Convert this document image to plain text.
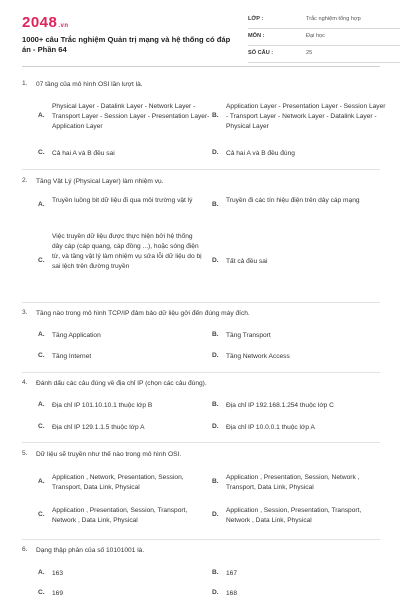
2048.vn
1000+ câu Trắc nghiệm Quản trị mạng và hệ thống có đáp án - Phần 64
LỚP :	Trắc nghiệm tổng hợp
MÔN :	Đại học
SỐ CÂU :	25
1. 07 tầng của mô hình OSI lần lượt là.
A.
Physical Layer - Datalink Layer - Network Layer - Transport Layer - Session Layer - Presentation Layer- Application Layer
B.
Application Layer - Presentation Layer - Session Layer - Transport Layer - Network Layer - Datalink Layer - Physical Layer
C. Cả hai A và B đều sai	D. Cả hai A và B đều đúng
2. Tầng Vật Lý (Physical Layer) làm nhiệm vụ.
A.
Truyền luồng bit dữ liệu đi qua môi trường vật lý
B.
Truyền đi các tín hiệu điện trên dây cáp mạng
C.
Việc truyền dữ liệu được thực hiện bởi hệ thống dây cáp (cáp quang, cáp đồng ...), hoặc sóng điện từ, và tầng vật lý làm nhiệm vụ sửa lỗi dữ liệu do bị sai lệch trên đường truyền
D. Tất cả đều sai
3. Tầng nào trong mô hình TCP/IP đảm bảo dữ liệu gởi đến đúng máy đích.
A. Tầng Application	B. Tầng Transport
C. Tầng Internet	D. Tầng Network Access
4. Đánh dấu các câu đúng về địa chỉ IP (chọn các câu đúng).
A. Địa chỉ IP 101.10.10.1 thuộc lớp B	B. Địa chỉ IP 192.168.1.254 thuộc lớp C
C. Địa chỉ IP 129.1.1.5 thuộc lớp A	D. Địa chỉ IP 10.0.0.1 thuộc lớp A
5. Dữ liệu sẽ truyền như thế nào trong mô hình OSI.
A.
Application , Network, Presentation, Session, Transport, Data Link, Physical
B.
Application , Presentation, Session, Network , Transport, Data Link, Physical
C.
Application , Presentation, Session, Transport, Network , Data Link, Physical
D.
Application , Session, Presentation, Transport, Network , Data Link, Physical
6. Dạng thập phân của số 10101001 là.
A. 163	B. 167
C. 169	D. 168
